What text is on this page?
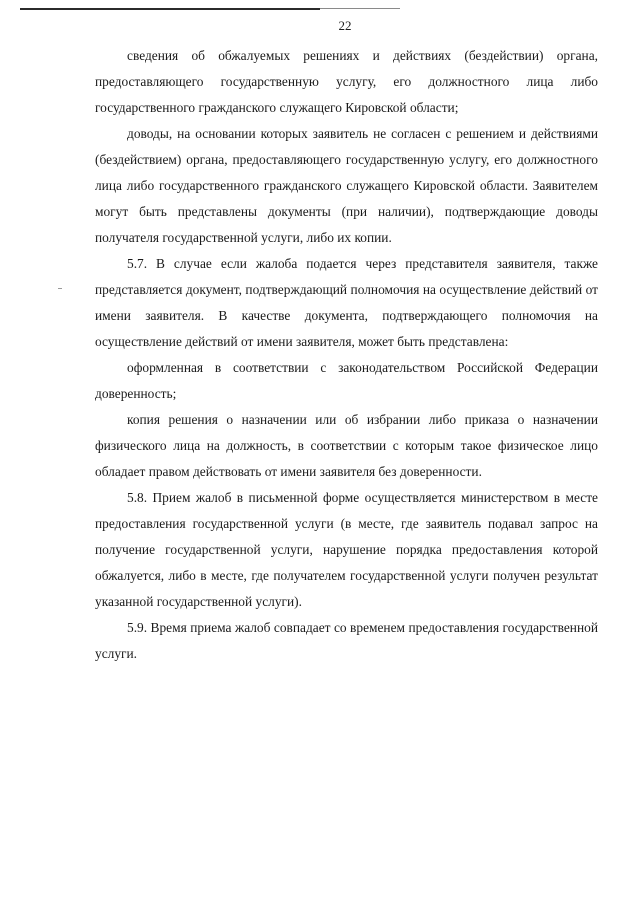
22

сведения об обжалуемых решениях и действиях (бездействии) органа, предоставляющего государственную услугу, его должностного лица либо государственного гражданского служащего Кировской области;

доводы, на основании которых заявитель не согласен с решением и действиями (бездействием) органа, предоставляющего государственную услугу, его должностного лица либо государственного гражданского служащего Кировской области. Заявителем могут быть представлены документы (при наличии), подтверждающие доводы получателя государственной услуги, либо их копии.

5.7. В случае если жалоба подается через представителя заявителя, также представляется документ, подтверждающий полномочия на осуществление действий от имени заявителя. В качестве документа, подтверждающего полномочия на осуществление действий от имени заявителя, может быть представлена:

оформленная в соответствии с законодательством Российской Федерации доверенность;

копия решения о назначении или об избрании либо приказа о назначении физического лица на должность, в соответствии с которым такое физическое лицо обладает правом действовать от имени заявителя без доверенности.

5.8. Прием жалоб в письменной форме осуществляется министерством в месте предоставления государственной услуги (в месте, где заявитель подавал запрос на получение государственной услуги, нарушение порядка предоставления которой обжалуется, либо в месте, где получателем государственной услуги получен результат указанной государственной услуги).

5.9. Время приема жалоб совпадает со временем предоставления государственной услуги.
